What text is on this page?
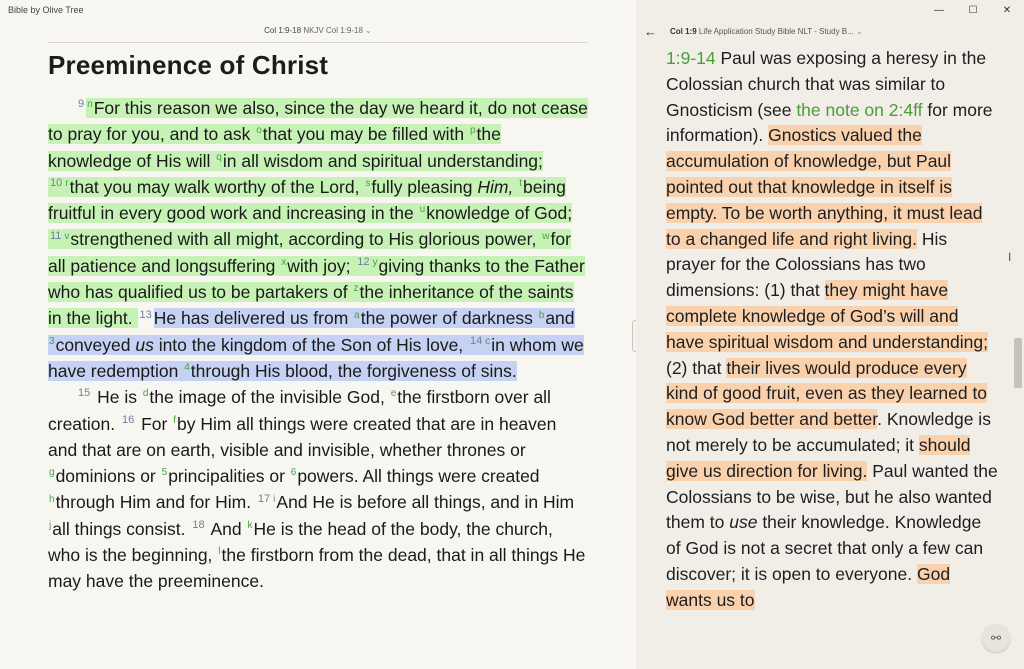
Col 1:9-18 NKJV Col 1:9-18 ⌄
Preeminence of Christ
$^9$ $^n$For this reason we also, since the day we heard it, do not cease to pray for you, and to ask $^o$that you may be filled with $^p$the knowledge of His will $^q$in all wisdom and spiritual understanding; $^{10}$ $^r$that you may walk worthy of the Lord, $^s$fully pleasing Him, $^t$being fruitful in every good work and increasing in the $^u$knowledge of God; $^{11}$ $^v$strengthened with all might, according to His glorious power, $^w$for all patience and longsuffering $^x$with joy; $^{12}$ $^y$giving thanks to the Father who has qualified us to be partakers of $^z$the inheritance of the saints in the light. $^{13}$ He has delivered us from $^a$the power of darkness $^b$and $^3$conveyed us into the kingdom of the Son of His love, $^{14}$ $^c$in whom we have redemption $^4$through His blood, the forgiveness of sins.
$^{15}$ He is $^d$the image of the invisible God, $^e$the firstborn over all creation. $^{16}$ For $^f$by Him all things were created that are in heaven and that are on earth, visible and invisible, whether thrones or $^g$dominions or $^5$principalities or $^6$powers. All things were created $^h$through Him and for Him. $^{17}$ $^i$And He is before all things, and in Him $^j$all things consist. $^{18}$ And $^k$He is the head of the body, the church, who is the beginning, $^l$the firstborn from the dead, that in all things He may have the preeminence.
← Col 1:9 Life Application Study Bible NLT - Study B... ⌄
1:9-14 Paul was exposing a heresy in the Colossian church that was similar to Gnosticism (see the note on 2:4ff for more information). Gnostics valued the accumulation of knowledge, but Paul pointed out that knowledge in itself is empty. To be worth anything, it must lead to a changed life and right living. His prayer for the Colossians has two dimensions: (1) that they might have complete knowledge of God’s will and have spiritual wisdom and understanding; (2) that their lives would produce every kind of good fruit, even as they learned to know God better and better. Knowledge is not merely to be accumulated; it should give us direction for living. Paul wanted the Colossians to be wise, but he also wanted them to use their knowledge. Knowledge of God is not a secret that only a few can discover; it is open to everyone. God wants us to
I
⚯
Bible by Olive Tree	—	☐	✕
